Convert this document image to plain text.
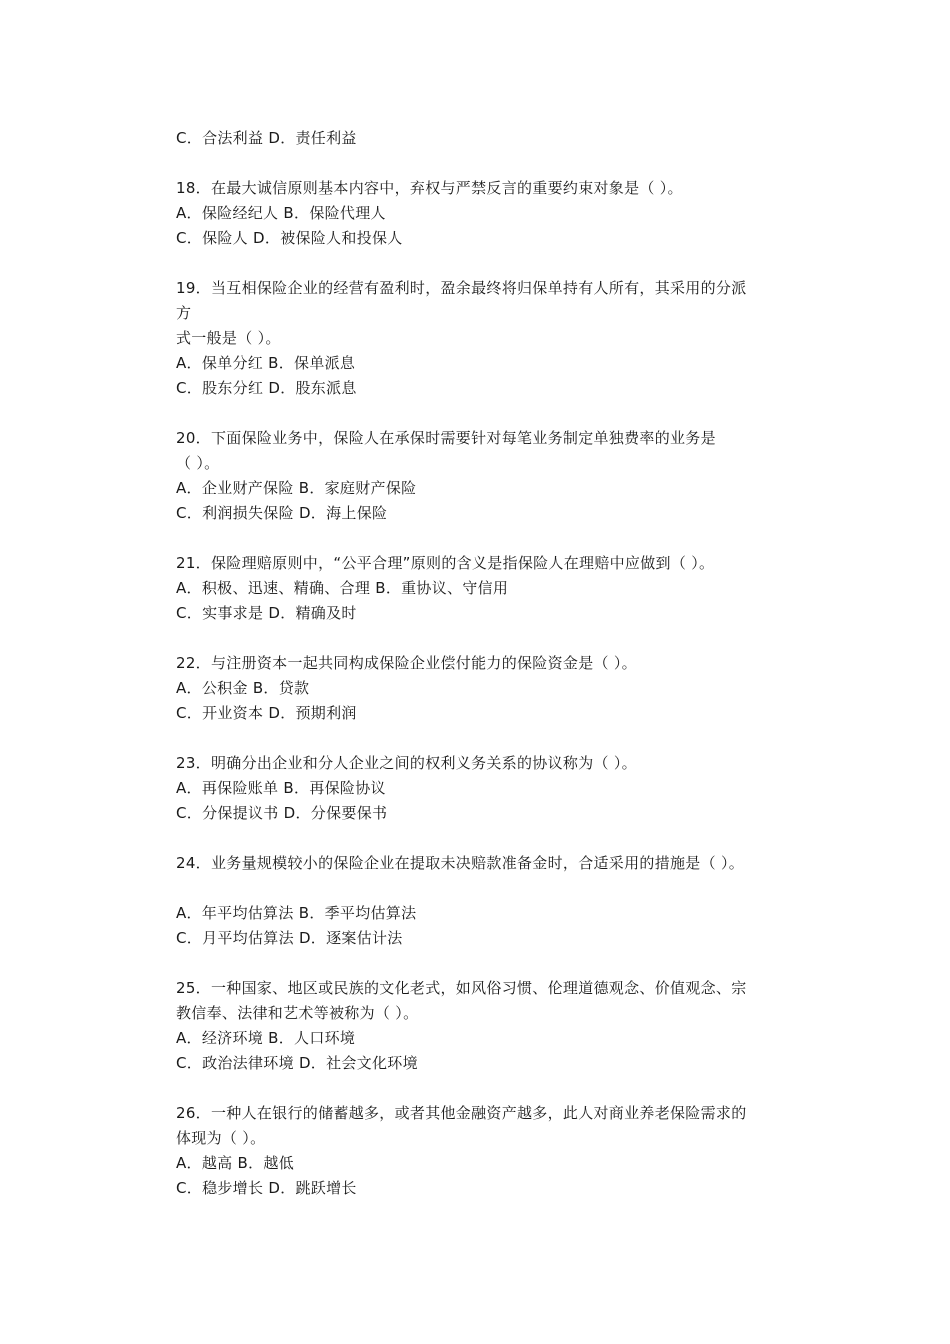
C．合法利益 D．责任利益
18．在最大诚信原则基本内容中，弃权与严禁反言的重要约束对象是（ ）。
A．保险经纪人 B．保险代理人
C．保险人 D．被保险人和投保人
19．当互相保险企业的经营有盈利时，盈余最终将归保单持有人所有，其采用的分派
方
式一般是（ ）。
A．保单分红 B．保单派息
C．股东分红 D．股东派息
20．下面保险业务中，保险人在承保时需要针对每笔业务制定单独费率的业务是
（ ）。
A．企业财产保险 B．家庭财产保险
C．利润损失保险 D．海上保险
21．保险理赔原则中，“公平合理”原则的含义是指保险人在理赔中应做到（ ）。
A．积极、迅速、精确、合理 B．重协议、守信用
C．实事求是 D．精确及时
22．与注册资本一起共同构成保险企业偿付能力的保险资金是（ ）。
A．公积金 B．贷款
C．开业资本 D．预期利润
23．明确分出企业和分人企业之间的权利义务关系的协议称为（ ）。
A．再保险账单 B．再保险协议
C．分保提议书 D．分保要保书
24．业务量规模较小的保险企业在提取未决赔款准备金时，合适采用的措施是（ ）。
A．年平均估算法 B．季平均估算法
C．月平均估算法 D．逐案估计法
25．一种国家、地区或民族的文化老式，如风俗习惯、伦理道德观念、价值观念、宗
教信奉、法律和艺术等被称为（ ）。
A．经济环境 B．人口环境
C．政治法律环境 D．社会文化环境
26．一种人在银行的储蓄越多，或者其他金融资产越多，此人对商业养老保险需求的
体现为（ ）。
A．越高 B．越低
C．稳步增长 D．跳跃增长
